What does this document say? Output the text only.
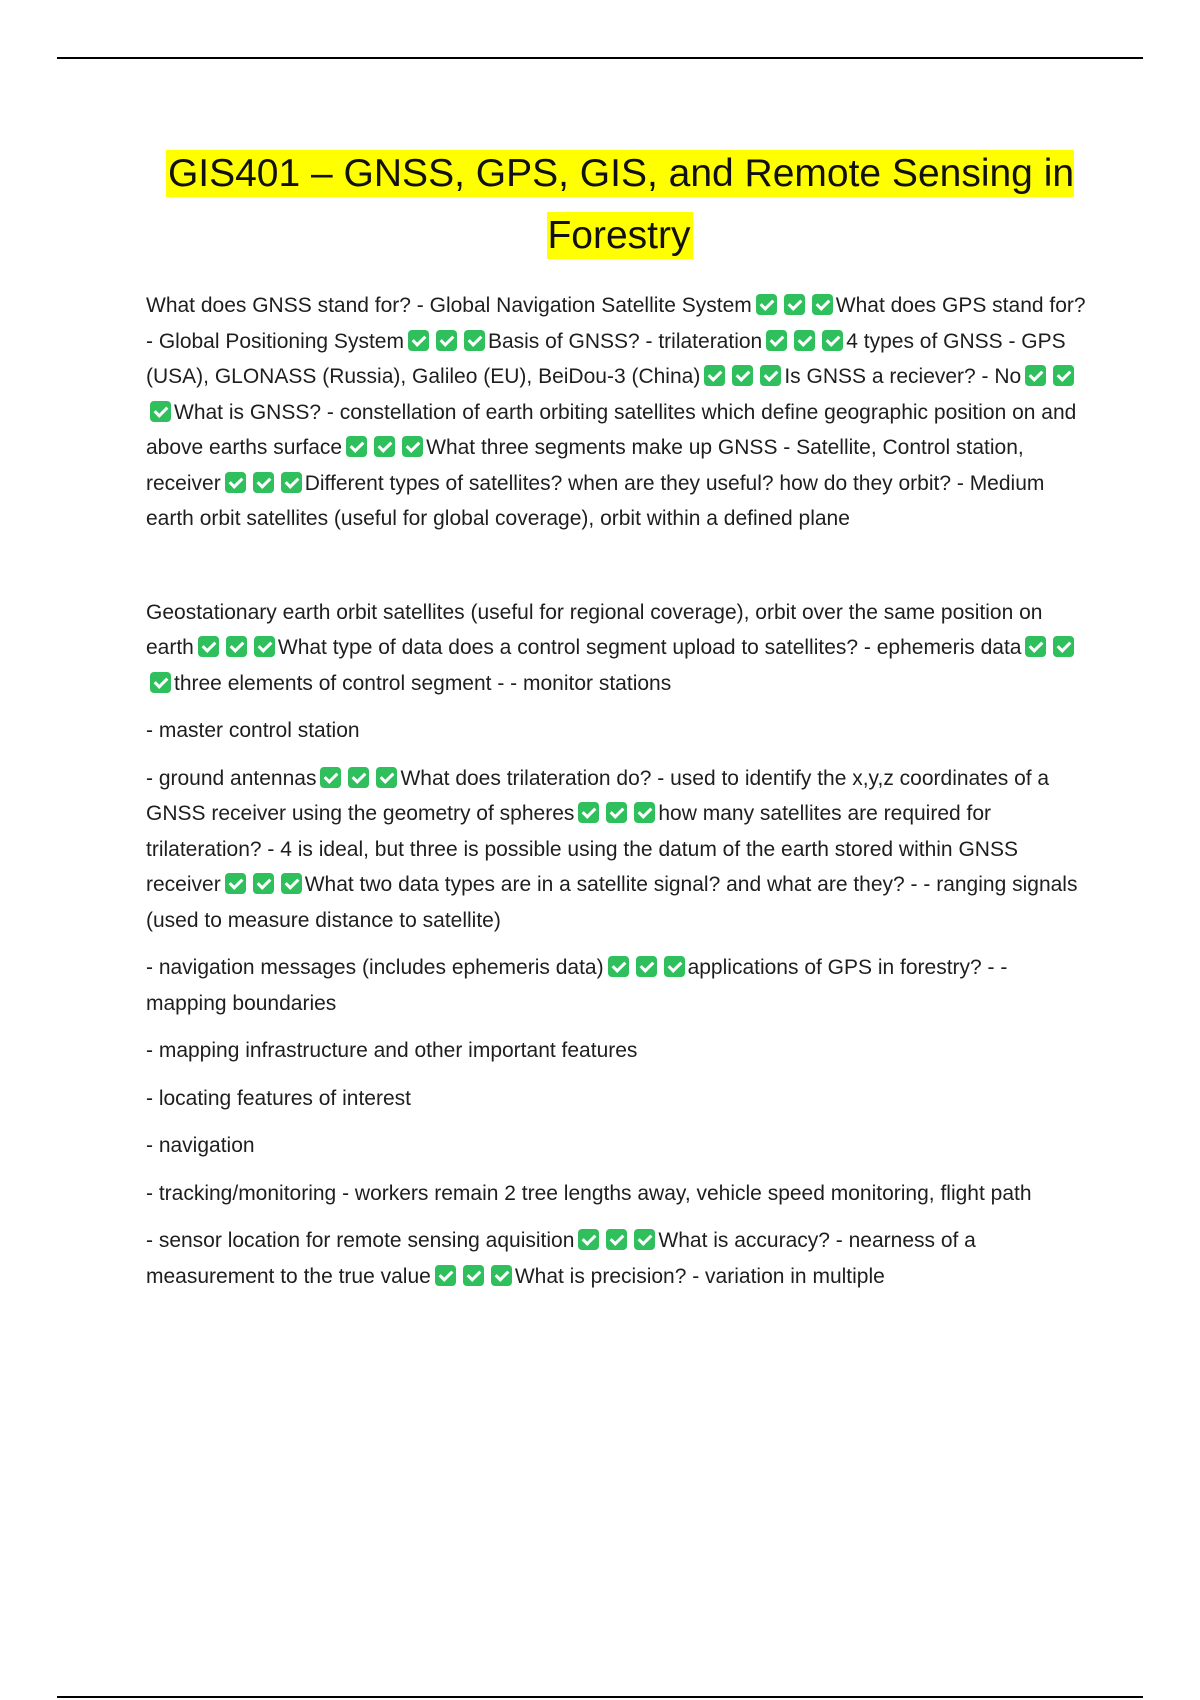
GIS401 – GNSS, GPS, GIS, and Remote Sensing in Forestry

What does GNSS stand for? - Global Navigation Satellite System	What does GPS stand for? - Global Positioning System	Basis of GNSS? - trilateration	4 types of GNSS - GPS (USA), GLONASS (Russia), Galileo (EU), BeiDou-3 (China)	Is GNSS a reciever? - NoWhat is GNSS? - constellation of earth orbiting satellites which define geographic position on and above earths surface	What three segments make up GNSS - Satellite, Control station, receiver	Different types of satellites? when are they useful? how do they orbit? - Medium earth orbit satellites (useful for global coverage), orbit within a defined plane

Geostationary earth orbit satellites (useful for regional coverage), orbit over the same position on earth	What type of data does a control segment upload to satellites? - ephemeris datathree elements of control segment - - monitor stations

- master control station

- ground antennas	What does trilateration do? - used to identify the x,y,z coordinates of a GNSS receiver using the geometry of spheres	how many satellites are required for trilateration? - 4 is ideal, but three is possible using the datum of the earth stored within GNSS receiver	What two data types are in a satellite signal? and what are they? - - ranging signals (used to measure distance to satellite)

- navigation messages (includes ephemeris data)	applications of GPS in forestry? - - mapping boundaries

- mapping infrastructure and other important features

- locating features of interest

- navigation

- tracking/monitoring - workers remain 2 tree lengths away, vehicle speed monitoring, flight path

- sensor location for remote sensing aquisition	What is accuracy? - nearness of a measurement to the true value	What is precision? - variation in multiple
